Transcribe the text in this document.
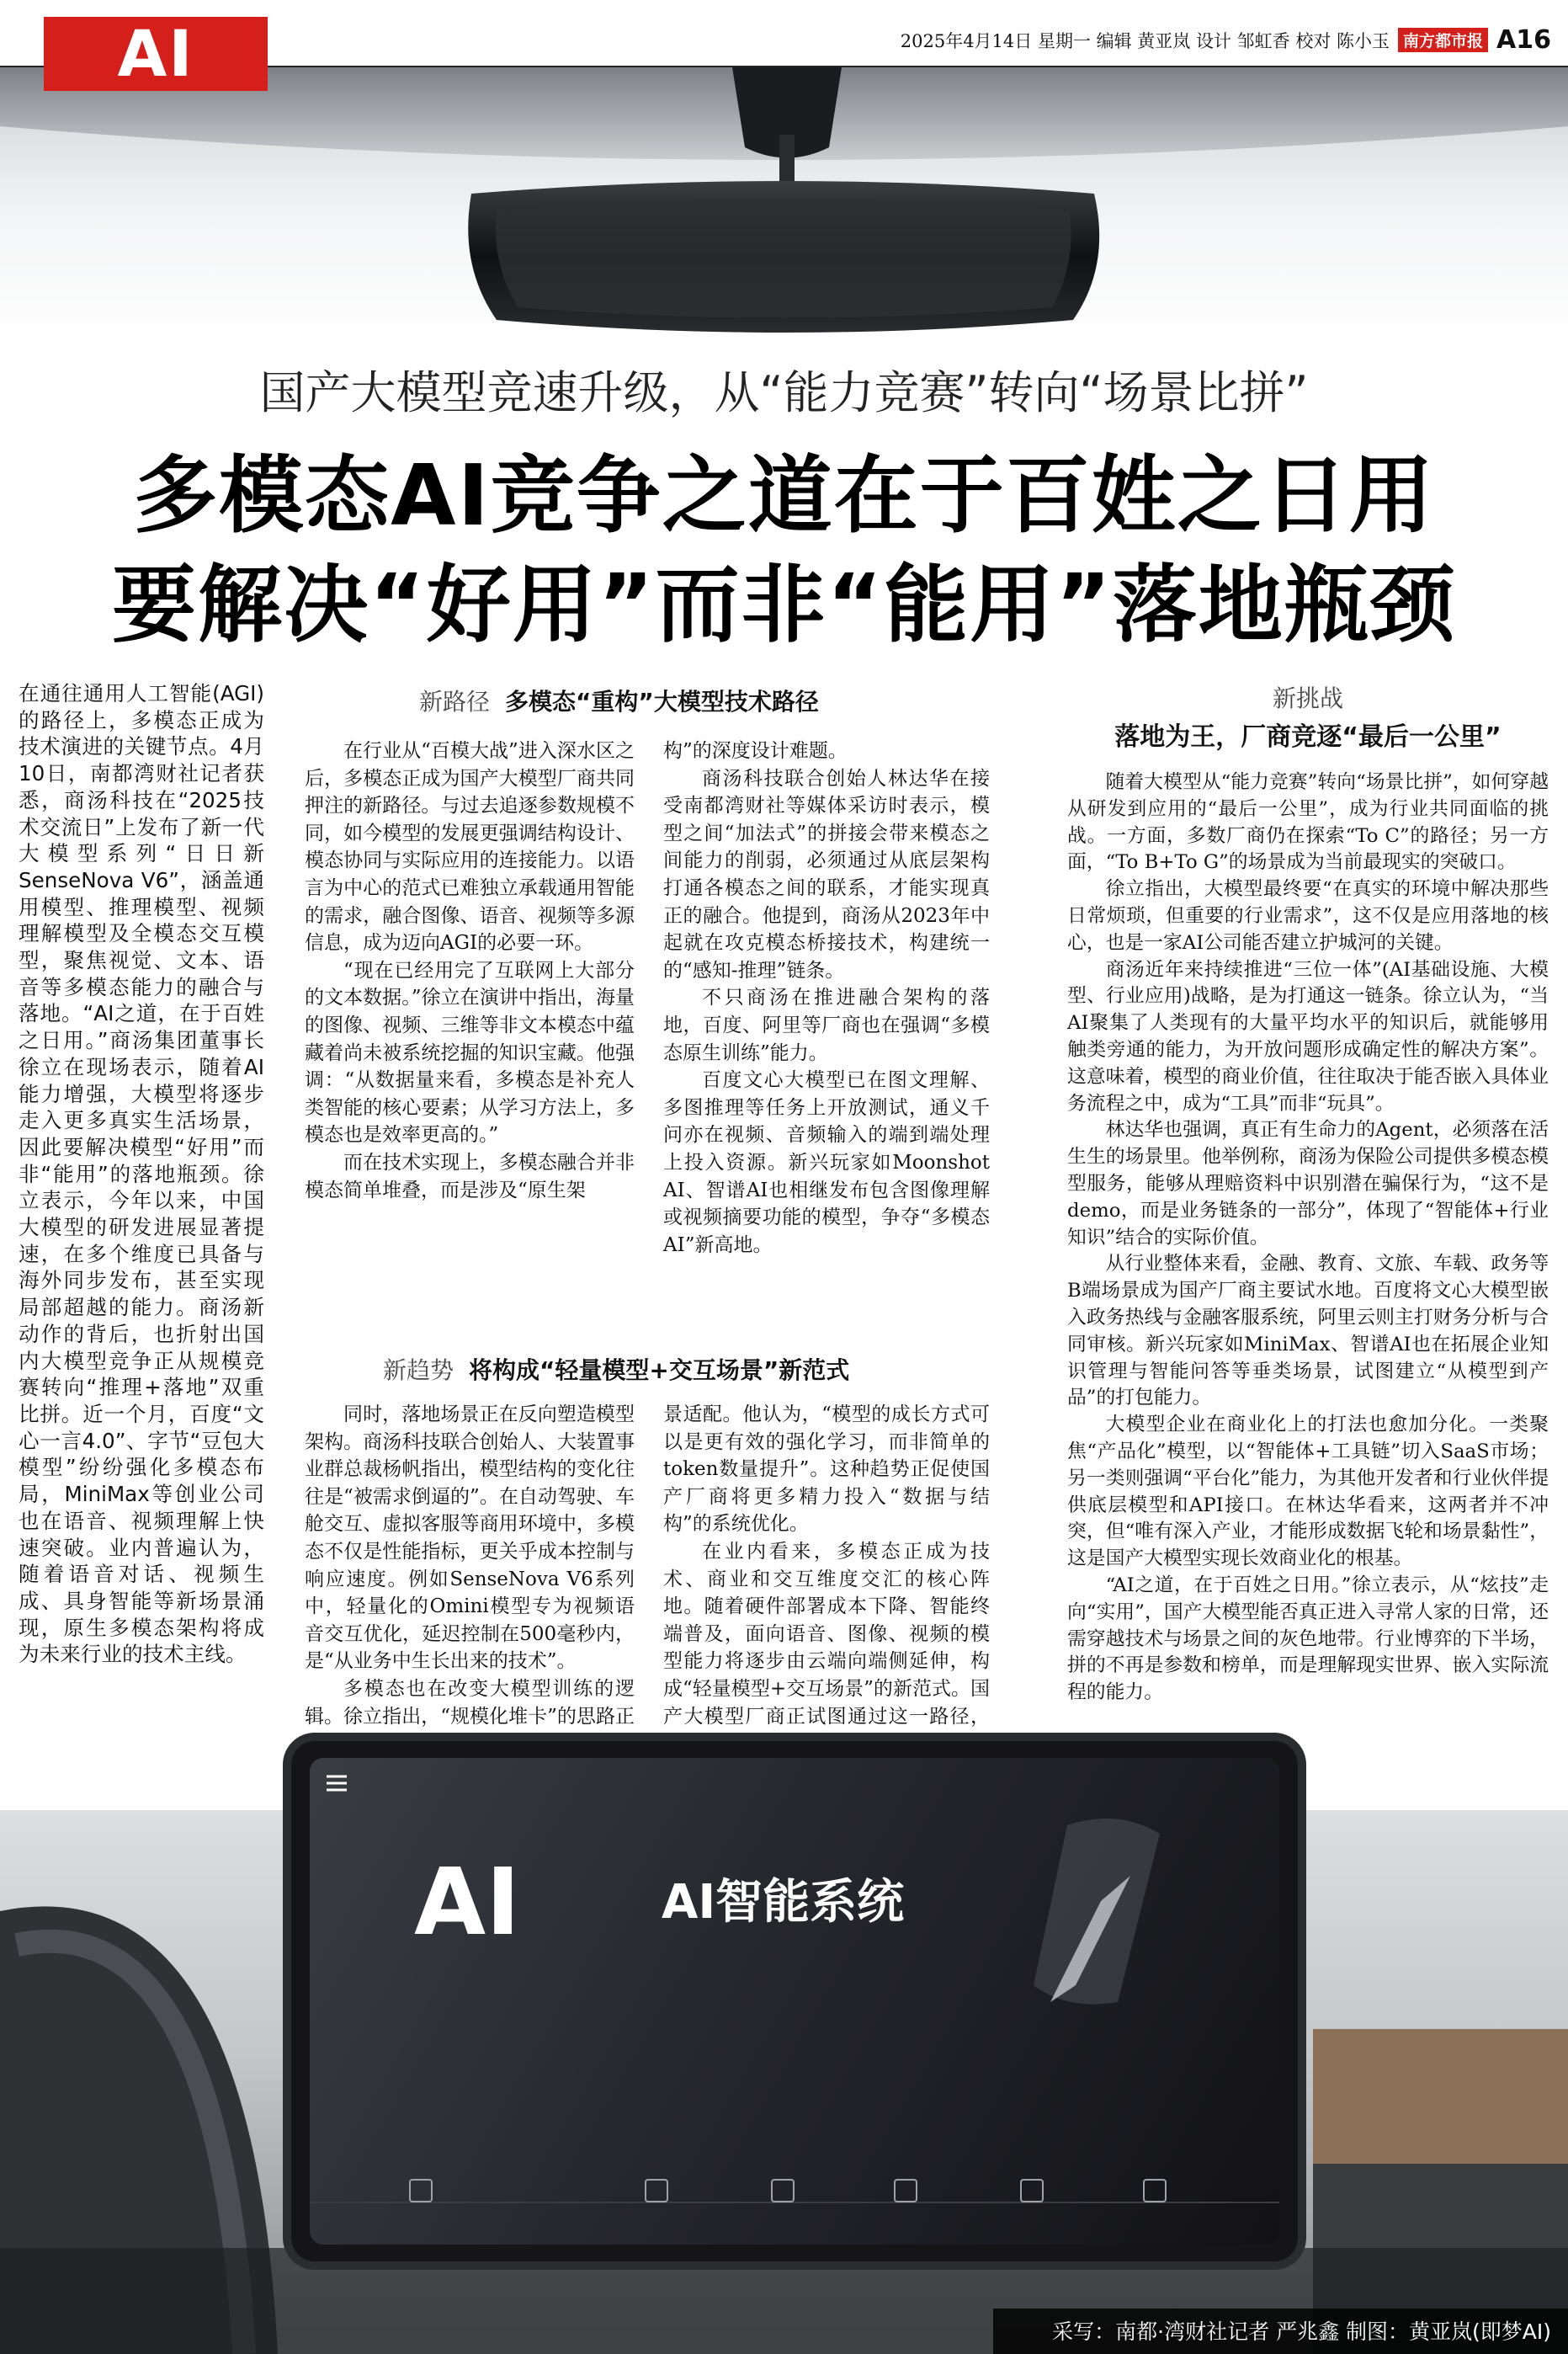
AI	2025年4月14日 星期一 编辑 黄亚岚 设计 邹虹香 校对 陈小玉 南方都市报 A16
国产大模型竞速升级，从“能力竞赛”转向“场景比拼”
多模态AI竞争之道在于百姓之日用
要解决“好用”而非“能用”落地瓶颈

在通往通用人工智能(AGI)的路径上，多模态正成为技术演进的关键节点。4月10日，南都湾财社记者获悉，商汤科技在“2025技术交流日”上发布了新一代大模型系列“日日新SenseNova V6”，涵盖通用模型、推理模型、视频理解模型及全模态交互模型，聚焦视觉、文本、语音等多模态能力的融合与落地。“AI之道，在于百姓之日用。”商汤集团董事长徐立在现场表示，随着AI能力增强，大模型将逐步走入更多真实生活场景，因此要解决模型“好用”而非“能用”的落地瓶颈。徐立表示，今年以来，中国大模型的研发进展显著提速，在多个维度已具备与海外同步发布，甚至实现局部超越的能力。商汤新动作的背后，也折射出国内大模型竞争正从规模竞赛转向“推理+落地”双重比拼。近一个月，百度“文心一言4.0”、字节“豆包大模型”纷纷强化多模态布局，MiniMax等创业公司也在语音、视频理解上快速突破。业内普遍认为，随着语音对话、视频生成、具身智能等新场景涌现，原生多模态架构将成为未来行业的技术主线。

新路径 多模态“重构”大模型技术路径

在行业从“百模大战”进入深水区之后，多模态正成为国产大模型厂商共同押注的新路径。与过去追逐参数规模不同，如今模型的发展更强调结构设计、模态协同与实际应用的连接能力。以语言为中心的范式已难独立承载通用智能的需求，融合图像、语音、视频等多源信息，成为迈向AGI的必要一环。

“现在已经用完了互联网上大部分的文本数据。”徐立在演讲中指出，海量的图像、视频、三维等非文本模态中蕴藏着尚未被系统挖掘的知识宝藏。他强调：“从数据量来看，多模态是补充人类智能的核心要素；从学习方法上，多模态也是效率更高的。”

而在技术实现上，多模态融合并非模态简单堆叠，而是涉及“原生架

构”的深度设计难题。

商汤科技联合创始人林达华在接受南都湾财社等媒体采访时表示，模型之间“加法式”的拼接会带来模态之间能力的削弱，必须通过从底层架构打通各模态之间的联系，才能实现真正的融合。他提到，商汤从2023年中起就在攻克模态桥接技术，构建统一的“感知-推理”链条。

不只商汤在推进融合架构的落地，百度、阿里等厂商也在强调“多模态原生训练”能力。

百度文心大模型已在图文理解、多图推理等任务上开放测试，通义千问亦在视频、音频输入的端到端处理上投入资源。新兴玩家如Moonshot AI、智谱AI也相继发布包含图像理解或视频摘要功能的模型，争夺“多模态AI”新高地。

新趋势 将构成“轻量模型+交互场景”新范式

同时，落地场景正在反向塑造模型架构。商汤科技联合创始人、大装置事业群总裁杨帆指出，模型结构的变化往往是“被需求倒逼的”。在自动驾驶、车舱交互、虚拟客服等商用环境中，多模态不仅是性能指标，更关乎成本控制与响应速度。例如SenseNova V6系列中，轻量化的Omini模型专为视频语音交互优化，延迟控制在500毫秒内，是“从业务中生长出来的技术”。

多模态也在改变大模型训练的逻辑。徐立指出，“规模化堆卡”的思路正

景适配。他认为，“模型的成长方式可以是更有效的强化学习，而非简单的token数量提升”。这种趋势正促使国产厂商将更多精力投入“数据与结构”的系统优化。

在业内看来，多模态正成为技术、商业和交互维度交汇的核心阵地。随着硬件部署成本下降、智能终端普及，面向语音、图像、视频的模型能力将逐步由云端向端侧延伸，构成“轻量模型+交互场景”的新范式。国产大模型厂商正试图通过这一路径，

新挑战
落地为王，厂商竞逐“最后一公里”

随着大模型从“能力竞赛”转向“场景比拼”，如何穿越从研发到应用的“最后一公里”，成为行业共同面临的挑战。一方面，多数厂商仍在探索“To C”的路径；另一方面，“To B+To G”的场景成为当前最现实的突破口。

徐立指出，大模型最终要“在真实的环境中解决那些日常烦琐，但重要的行业需求”，这不仅是应用落地的核心，也是一家AI公司能否建立护城河的关键。

商汤近年来持续推进“三位一体”(AI基础设施、大模型、行业应用)战略，是为打通这一链条。徐立认为，“当AI聚集了人类现有的大量平均水平的知识后，就能够用触类旁通的能力，为开放问题形成确定性的解决方案”。这意味着，模型的商业价值，往往取决于能否嵌入具体业务流程之中，成为“工具”而非“玩具”。

林达华也强调，真正有生命力的Agent，必须落在活生生的场景里。他举例称，商汤为保险公司提供多模态模型服务，能够从理赔资料中识别潜在骗保行为，“这不是demo，而是业务链条的一部分”，体现了“智能体+行业知识”结合的实际价值。

从行业整体来看，金融、教育、文旅、车载、政务等B端场景成为国产厂商主要试水地。百度将文心大模型嵌入政务热线与金融客服系统，阿里云则主打财务分析与合同审核。新兴玩家如MiniMax、智谱AI也在拓展企业知识管理与智能问答等垂类场景，试图建立“从模型到产品”的打包能力。

大模型企业在商业化上的打法也愈加分化。一类聚焦“产品化”模型，以“智能体+工具链”切入SaaS市场；另一类则强调“平台化”能力，为其他开发者和行业伙伴提供底层模型和API接口。在林达华看来，这两者并不冲突，但“唯有深入产业，才能形成数据飞轮和场景黏性”，这是国产大模型实现长效商业化的根基。

“AI之道，在于百姓之日用。”徐立表示，从“炫技”走向“实用”，国产大模型能否真正进入寻常人家的日常，还需穿越技术与场景之间的灰色地带。行业博弈的下半场，拼的不再是参数和榜单，而是理解现实世界、嵌入实际流程的能力。

AI	AI智能系统
采写：南都·湾财社记者 严兆鑫 制图：黄亚岚(即梦AI)
